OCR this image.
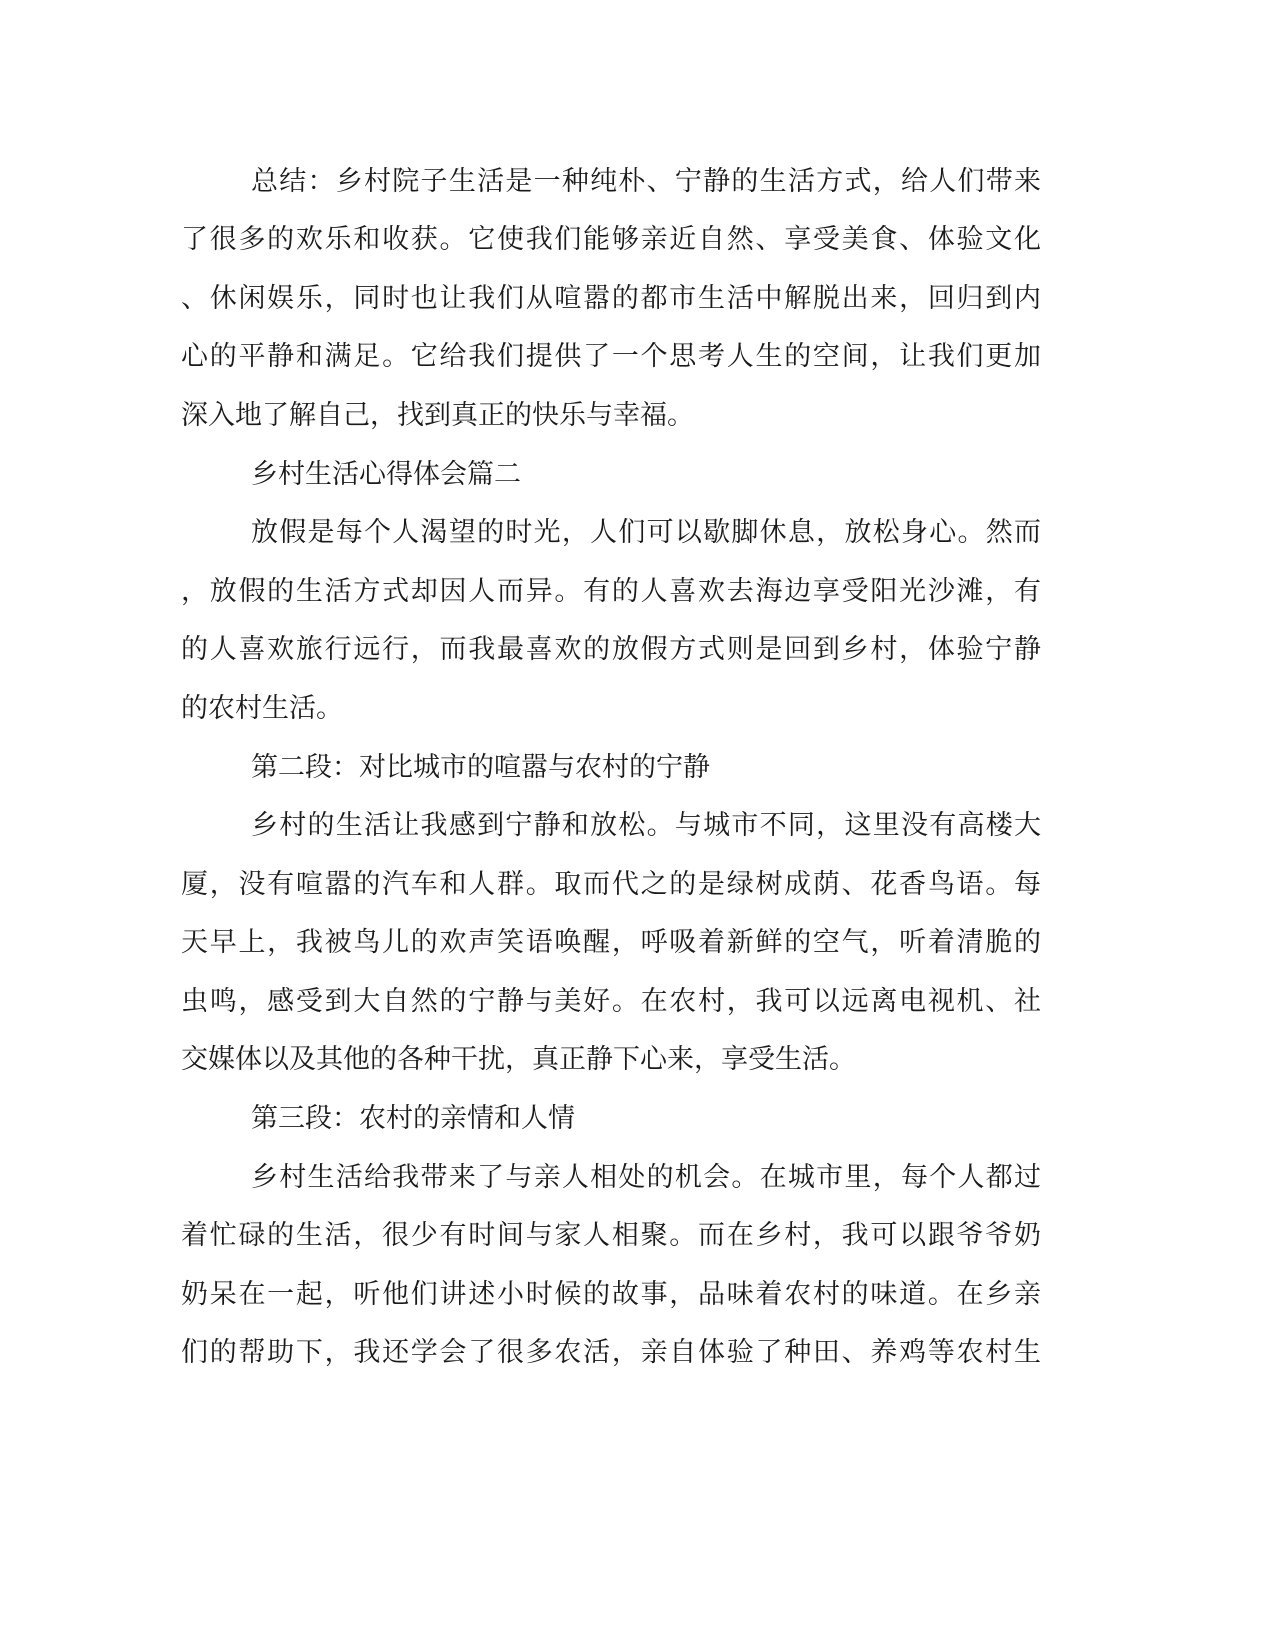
总结：乡村院子生活是一种纯朴、宁静的生活方式，给人们带来
了很多的欢乐和收获。它使我们能够亲近自然、享受美食、体验文化
、休闲娱乐，同时也让我们从喧嚣的都市生活中解脱出来，回归到内
心的平静和满足。它给我们提供了一个思考人生的空间，让我们更加
深入地了解自己，找到真正的快乐与幸福。
乡村生活心得体会篇二
放假是每个人渴望的时光，人们可以歇脚休息，放松身心。然而
，放假的生活方式却因人而异。有的人喜欢去海边享受阳光沙滩，有
的人喜欢旅行远行，而我最喜欢的放假方式则是回到乡村，体验宁静
的农村生活。
第二段：对比城市的喧嚣与农村的宁静
乡村的生活让我感到宁静和放松。与城市不同，这里没有高楼大
厦，没有喧嚣的汽车和人群。取而代之的是绿树成荫、花香鸟语。每
天早上，我被鸟儿的欢声笑语唤醒，呼吸着新鲜的空气，听着清脆的
虫鸣，感受到大自然的宁静与美好。在农村，我可以远离电视机、社
交媒体以及其他的各种干扰，真正静下心来，享受生活。
第三段：农村的亲情和人情
乡村生活给我带来了与亲人相处的机会。在城市里，每个人都过
着忙碌的生活，很少有时间与家人相聚。而在乡村，我可以跟爷爷奶
奶呆在一起，听他们讲述小时候的故事，品味着农村的味道。在乡亲
们的帮助下，我还学会了很多农活，亲自体验了种田、养鸡等农村生
